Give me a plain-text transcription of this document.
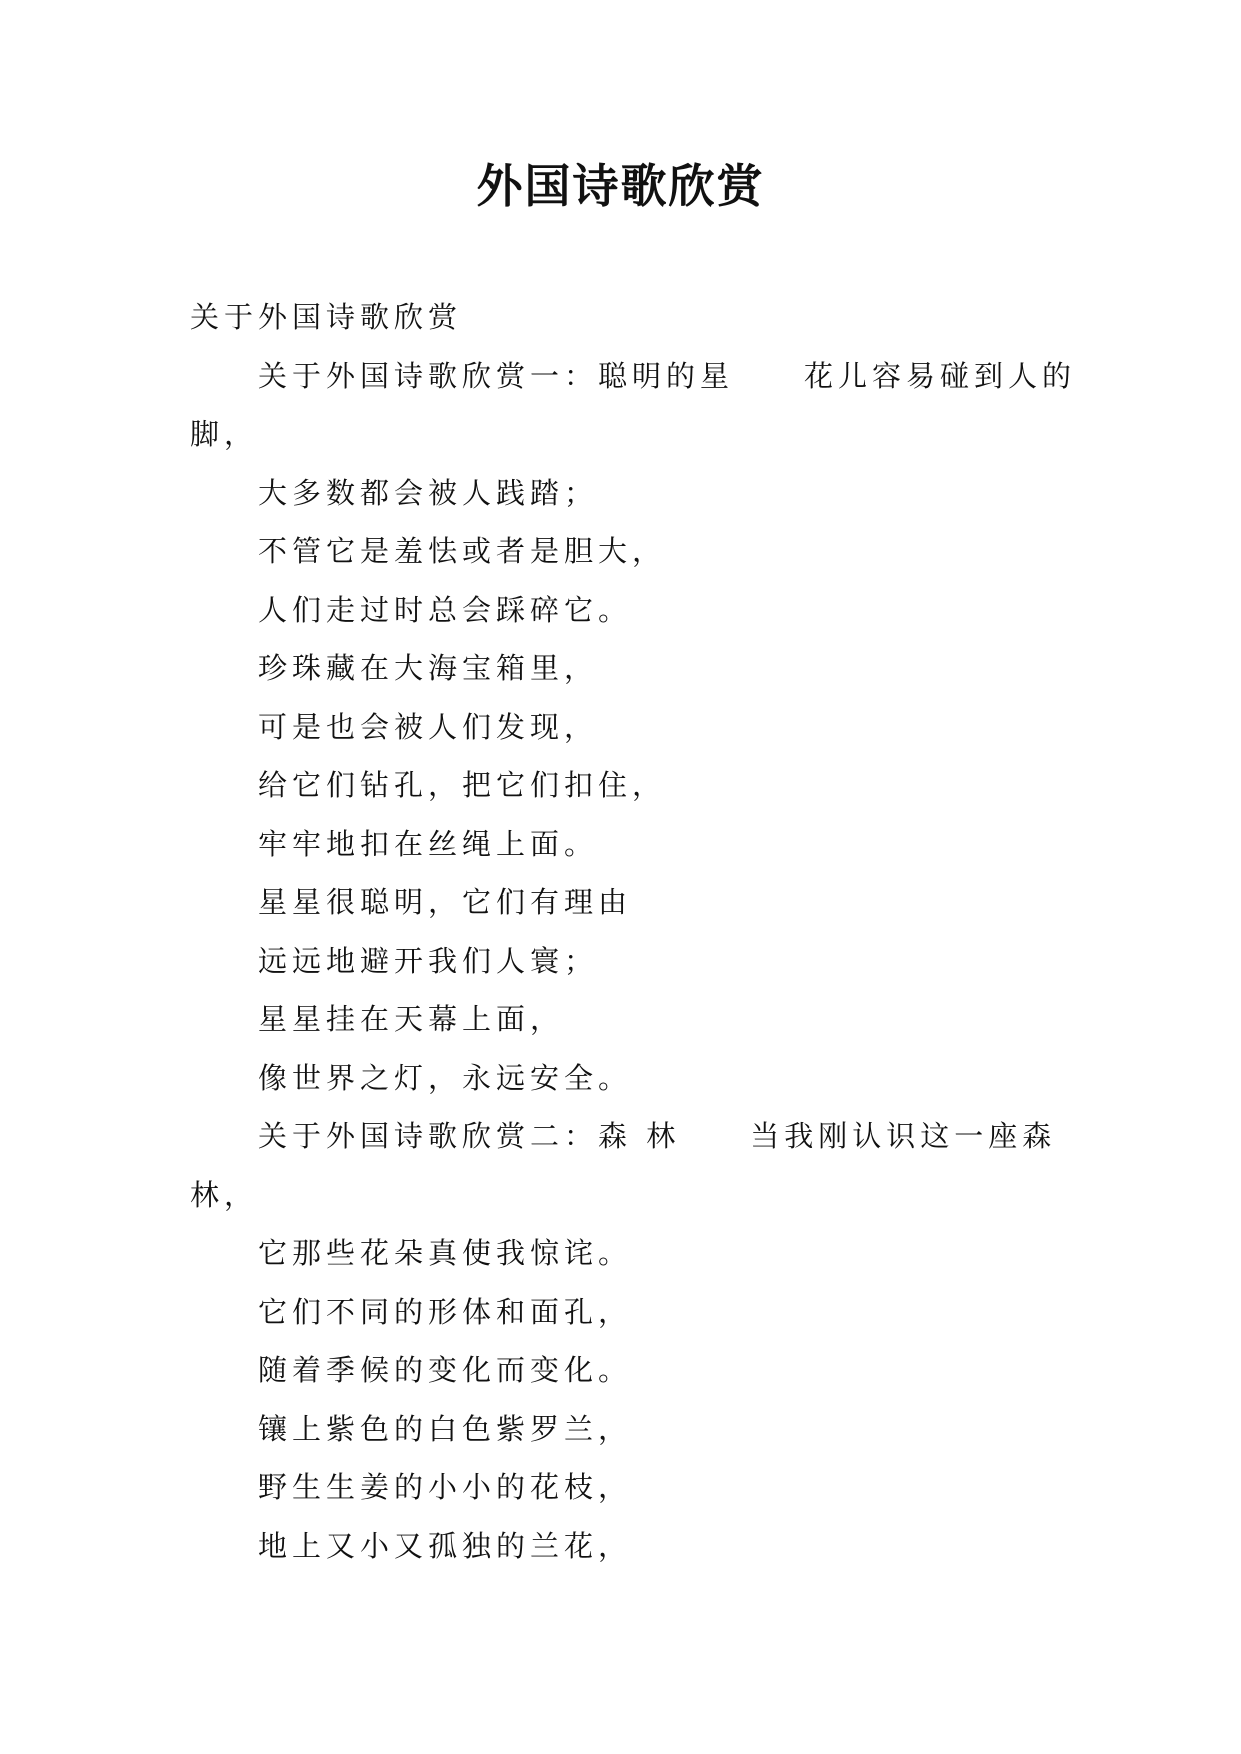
外国诗歌欣赏
关于外国诗歌欣赏
关于外国诗歌欣赏一：聪明的星 花儿容易碰到人的
脚，
大多数都会被人践踏；
不管它是羞怯或者是胆大，
人们走过时总会踩碎它。
珍珠藏在大海宝箱里，
可是也会被人们发现，
给它们钻孔，把它们扣住，
牢牢地扣在丝绳上面。
星星很聪明，它们有理由
远远地避开我们人寰；
星星挂在天幕上面，
像世界之灯，永远安全。
关于外国诗歌欣赏二：森 林 当我刚认识这一座森
林，
它那些花朵真使我惊诧。
它们不同的形体和面孔，
随着季候的变化而变化。
镶上紫色的白色紫罗兰，
野生生姜的小小的花枝，
地上又小又孤独的兰花，
